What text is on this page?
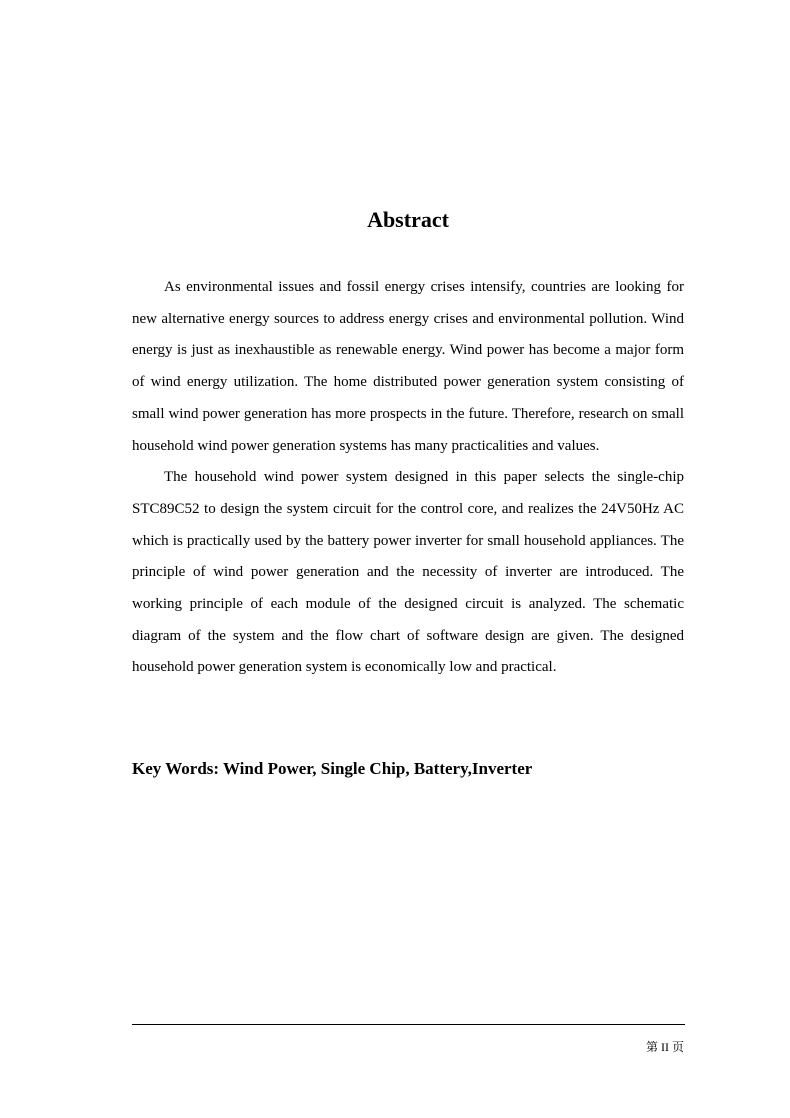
Abstract

As environmental issues and fossil energy crises intensify, countries are looking for new alternative energy sources to address energy crises and environmental pollution. Wind energy is just as inexhaustible as renewable energy. Wind power has become a major form of wind energy utilization. The home distributed power generation system consisting of small wind power generation has more prospects in the future. Therefore, research on small household wind power generation systems has many practicalities and values.

The household wind power system designed in this paper selects the single-chip STC89C52 to design the system circuit for the control core, and realizes the 24V50Hz AC which is practically used by the battery power inverter for small household appliances. The principle of wind power generation and the necessity of inverter are introduced. The working principle of each module of the designed circuit is analyzed. The schematic diagram of the system and the flow chart of software design are given. The designed household power generation system is economically low and practical.

Key Words: Wind Power, Single Chip, Battery,Inverter

第 II 页
